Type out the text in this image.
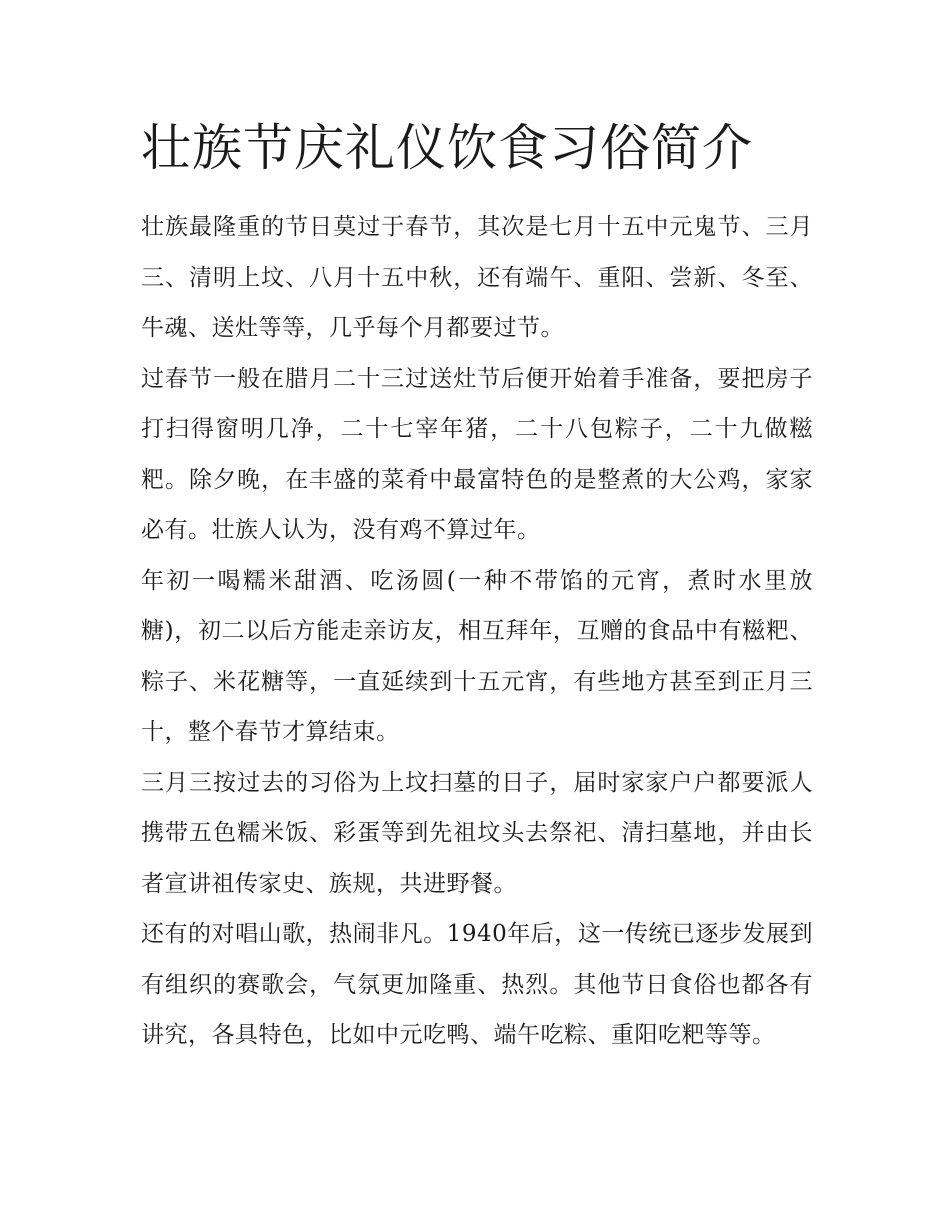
壮族节庆礼仪饮食习俗简介

壮族最隆重的节日莫过于春节，其次是七月十五中元鬼节、三月三、清明上坟、八月十五中秋，还有端午、重阳、尝新、冬至、牛魂、送灶等等，几乎每个月都要过节。

过春节一般在腊月二十三过送灶节后便开始着手准备，要把房子打扫得窗明几净，二十七宰年猪，二十八包粽子，二十九做糍粑。除夕晚，在丰盛的菜肴中最富特色的是整煮的大公鸡，家家必有。壮族人认为，没有鸡不算过年。

年初一喝糯米甜酒、吃汤圆(一种不带馅的元宵，煮时水里放糖)，初二以后方能走亲访友，相互拜年，互赠的食品中有糍粑、粽子、米花糖等，一直延续到十五元宵，有些地方甚至到正月三十，整个春节才算结束。

三月三按过去的习俗为上坟扫墓的日子，届时家家户户都要派人携带五色糯米饭、彩蛋等到先祖坟头去祭祀、清扫墓地，并由长者宣讲祖传家史、族规，共进野餐。

还有的对唱山歌，热闹非凡。1940年后，这一传统已逐步发展到有组织的赛歌会，气氛更加隆重、热烈。其他节日食俗也都各有讲究，各具特色，比如中元吃鸭、端午吃粽、重阳吃粑等等。
